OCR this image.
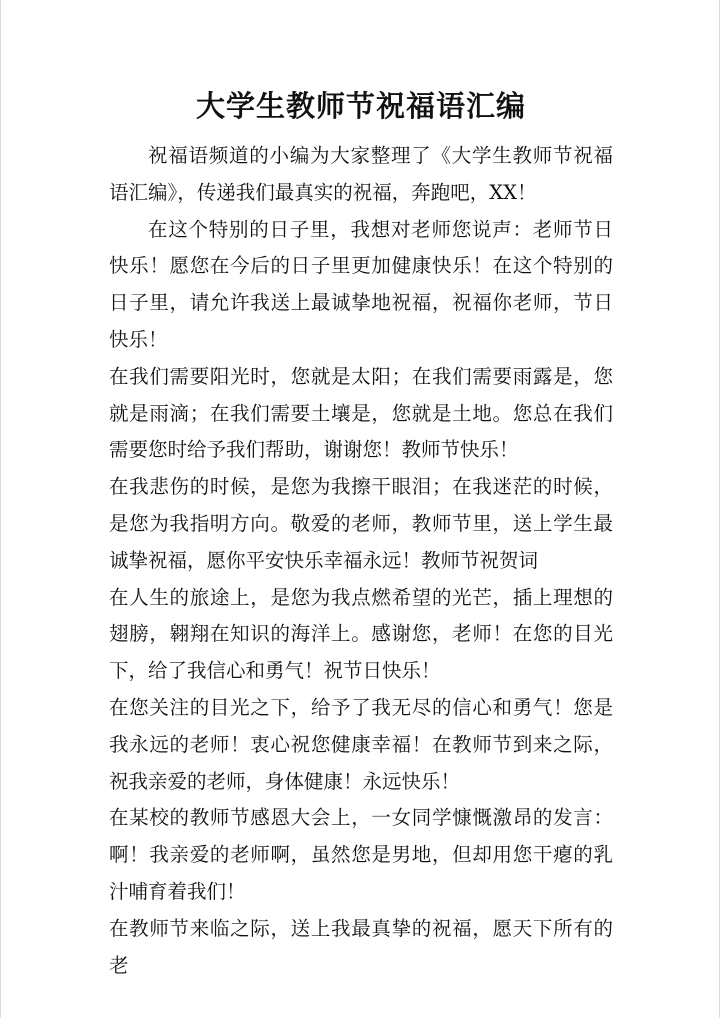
大学生教师节祝福语汇编

祝福语频道的小编为大家整理了《大学生教师节祝福语汇编》，传递我们最真实的祝福，奔跑吧，XX！

在这个特别的日子里，我想对老师您说声：老师节日快乐！愿您在今后的日子里更加健康快乐！在这个特别的日子里，请允许我送上最诚挚地祝福，祝福你老师，节日快乐！

在我们需要阳光时，您就是太阳；在我们需要雨露是，您就是雨滴；在我们需要土壤是，您就是土地。您总在我们需要您时给予我们帮助，谢谢您！教师节快乐！

在我悲伤的时候，是您为我擦干眼泪；在我迷茫的时候，是您为我指明方向。敬爱的老师，教师节里，送上学生最诚挚祝福，愿你平安快乐幸福永远！教师节祝贺词

在人生的旅途上，是您为我点燃希望的光芒，插上理想的翅膀，翱翔在知识的海洋上。感谢您，老师！在您的目光下，给了我信心和勇气！祝节日快乐！

在您关注的目光之下，给予了我无尽的信心和勇气！您是我永远的老师！衷心祝您健康幸福！在教师节到来之际，祝我亲爱的老师，身体健康！永远快乐！

在某校的教师节感恩大会上，一女同学慷慨激昂的发言：啊！我亲爱的老师啊，虽然您是男地，但却用您干瘪的乳汁哺育着我们！

在教师节来临之际，送上我最真挚的祝福，愿天下所有的老
